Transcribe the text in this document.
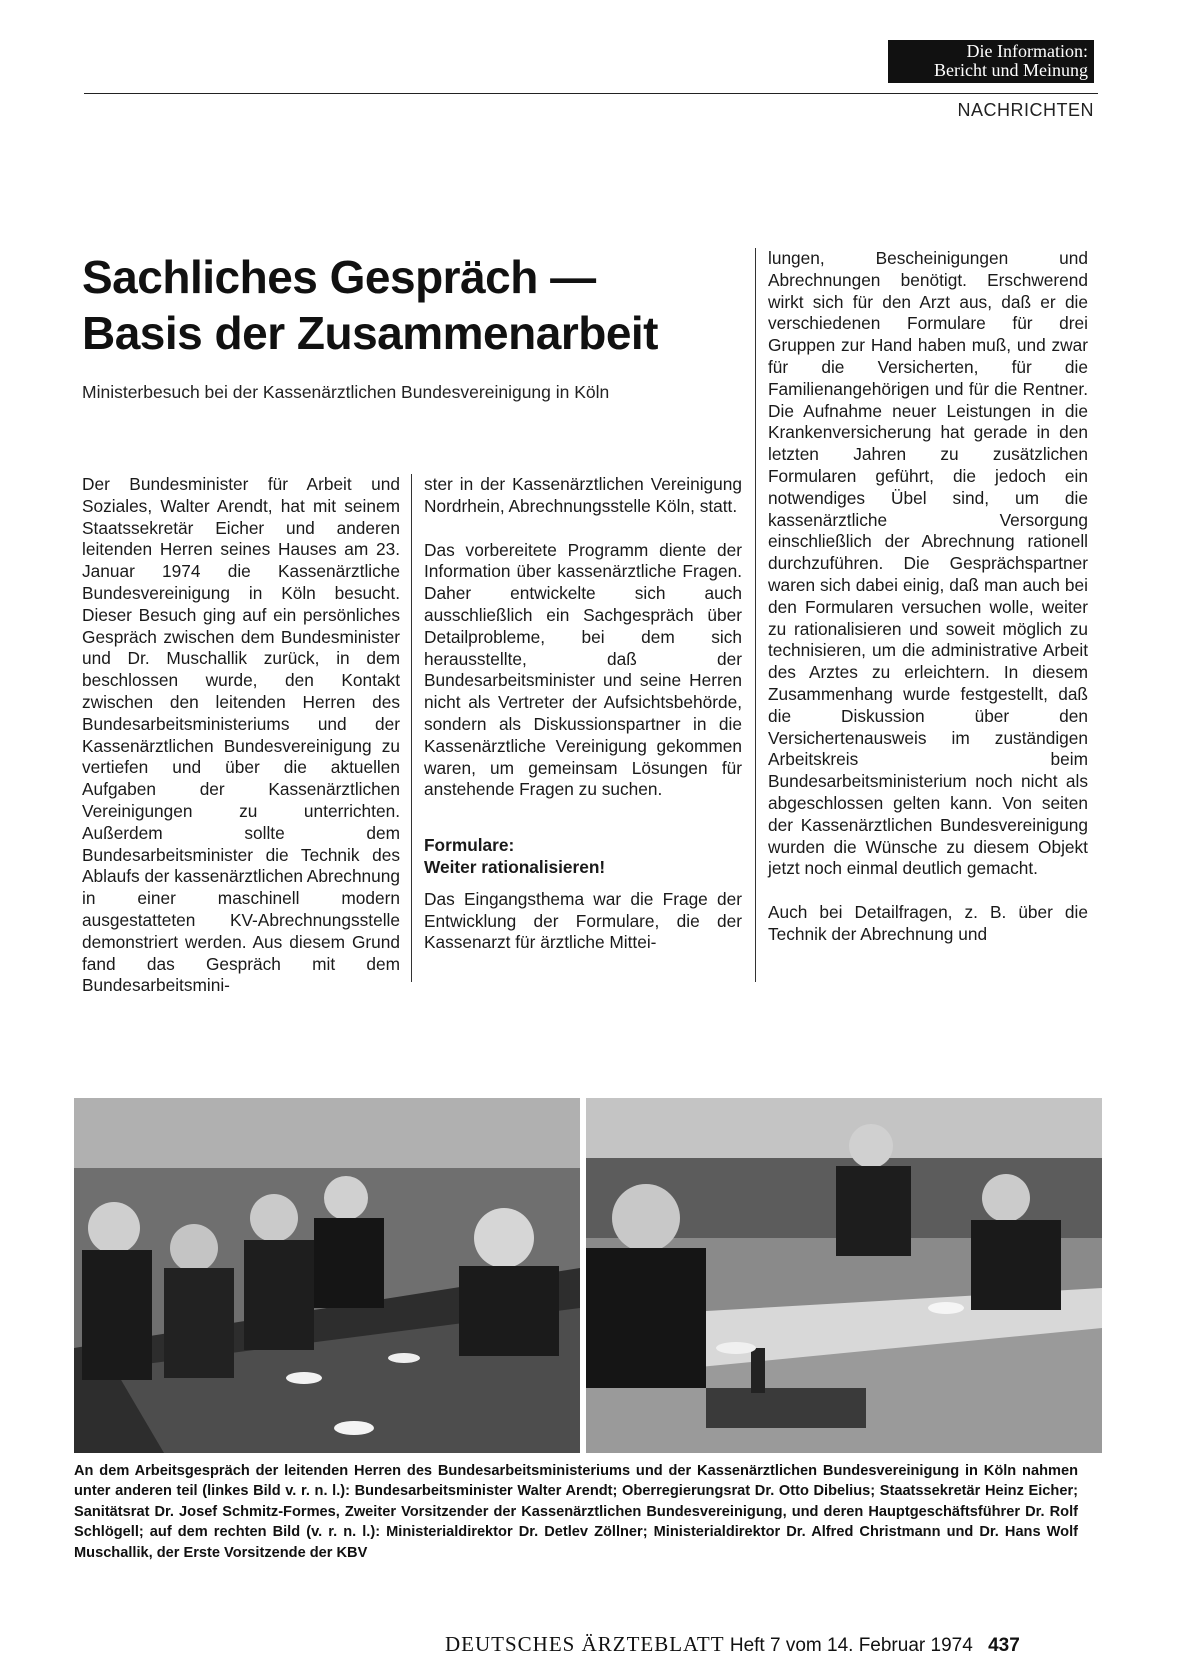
Die Information:
Bericht und Meinung
NACHRICHTEN
Sachliches Gespräch —
Basis der Zusammenarbeit
Ministerbesuch bei der Kassenärztlichen Bundesvereinigung in Köln

Der Bundesminister für Arbeit und Soziales, Walter Arendt, hat mit seinem Staatssekretär Eicher und anderen leitenden Herren seines Hauses am 23. Januar 1974 die Kassenärztliche Bundesvereinigung in Köln besucht. Dieser Besuch ging auf ein persönliches Gespräch zwischen dem Bundesminister und Dr. Muschallik zurück, in dem beschlossen wurde, den Kontakt zwischen den leitenden Herren des Bundesarbeitsministeriums und der Kassenärztlichen Bundesvereinigung zu vertiefen und über die aktuellen Aufgaben der Kassenärztlichen Vereinigungen zu unterrichten. Außerdem sollte dem Bundesarbeitsminister die Technik des Ablaufs der kassenärztlichen Abrechnung in einer maschinell modern ausgestatteten KV-Abrechnungsstelle demonstriert werden. Aus diesem Grund fand das Gespräch mit dem Bundesarbeitsmini-

ster in der Kassenärztlichen Vereinigung Nordrhein, Abrechnungsstelle Köln, statt.

Das vorbereitete Programm diente der Information über kassenärztliche Fragen. Daher entwickelte sich auch ausschließlich ein Sachgespräch über Detailprobleme, bei dem sich herausstellte, daß der Bundesarbeitsminister und seine Herren nicht als Vertreter der Aufsichtsbehörde, sondern als Diskussionspartner in die Kassenärztliche Vereinigung gekommen waren, um gemeinsam Lösungen für anstehende Fragen zu suchen.

Formulare:
Weiter rationalisieren!

Das Eingangsthema war die Frage der Entwicklung der Formulare, die der Kassenarzt für ärztliche Mittei-

lungen, Bescheinigungen und Abrechnungen benötigt. Erschwerend wirkt sich für den Arzt aus, daß er die verschiedenen Formulare für drei Gruppen zur Hand haben muß, und zwar für die Versicherten, für die Familienangehörigen und für die Rentner. Die Aufnahme neuer Leistungen in die Krankenversicherung hat gerade in den letzten Jahren zu zusätzlichen Formularen geführt, die jedoch ein notwendiges Übel sind, um die kassenärztliche Versorgung einschließlich der Abrechnung rationell durchzuführen. Die Gesprächspartner waren sich dabei einig, daß man auch bei den Formularen versuchen wolle, weiter zu rationalisieren und soweit möglich zu technisieren, um die administrative Arbeit des Arztes zu erleichtern. In diesem Zusammenhang wurde festgestellt, daß die Diskussion über den Versichertenausweis im zuständigen Arbeitskreis beim Bundesarbeitsministerium noch nicht als abgeschlossen gelten kann. Von seiten der Kassenärztlichen Bundesvereinigung wurden die Wünsche zu diesem Objekt jetzt noch einmal deutlich gemacht.

Auch bei Detailfragen, z. B. über die Technik der Abrechnung und

An dem Arbeitsgespräch der leitenden Herren des Bundesarbeitsministeriums und der Kassenärztlichen Bundesvereinigung in Köln nahmen unter anderen teil (linkes Bild v. r. n. l.): Bundesarbeitsminister Walter Arendt; Oberregierungsrat Dr. Otto Dibelius; Staatssekretär Heinz Eicher; Sanitätsrat Dr. Josef Schmitz-Formes, Zweiter Vorsitzender der Kassenärztlichen Bundesvereinigung, und deren Hauptgeschäftsführer Dr. Rolf Schlögell; auf dem rechten Bild (v. r. n. l.): Ministerialdirektor Dr. Detlev Zöllner; Ministerialdirektor Dr. Alfred Christmann und Dr. Hans Wolf Muschallik, der Erste Vorsitzende der KBV
DEUTSCHES ÄRZTEBLATT Heft 7 vom 14. Februar 1974 437
